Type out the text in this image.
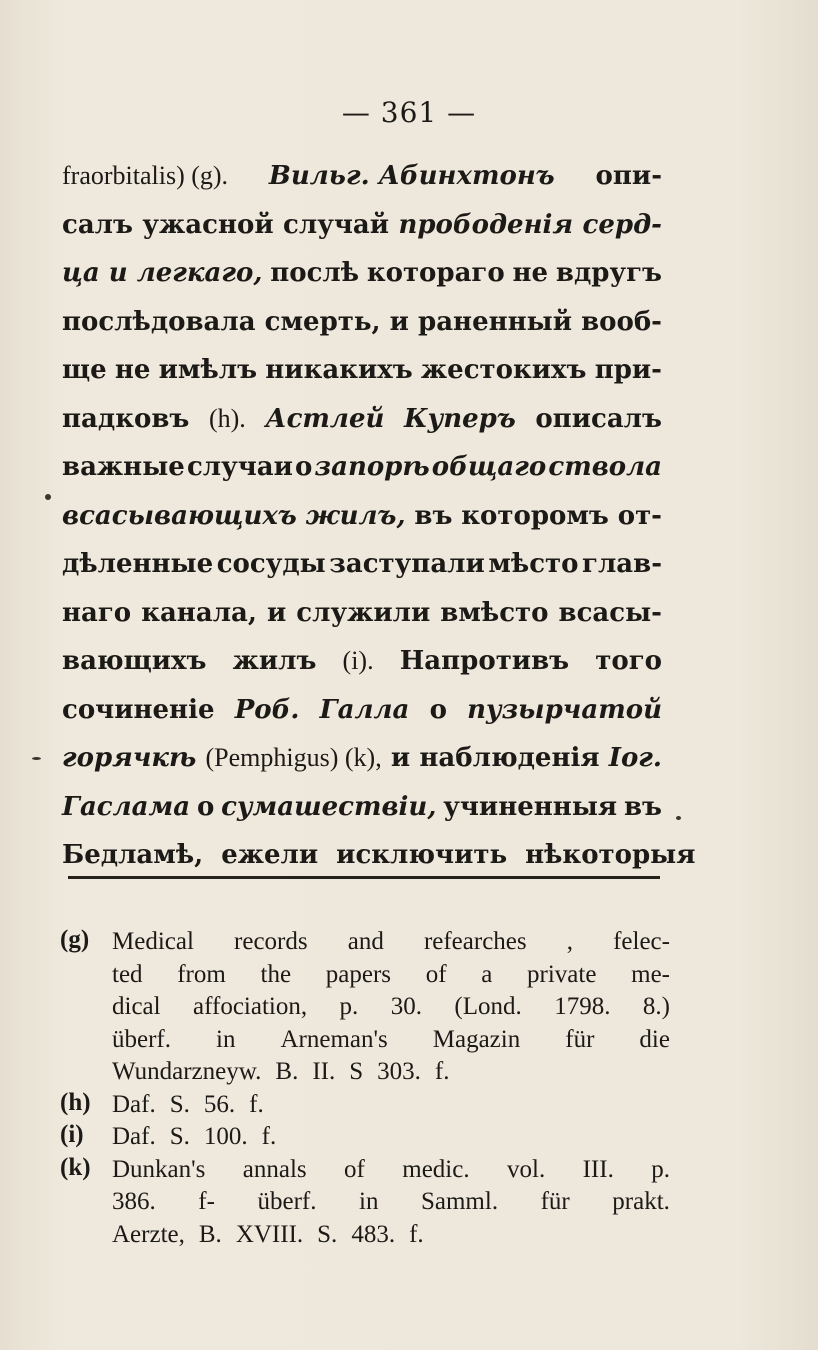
— 361 —
fraorbitalis) (g). Вильг. Абинхтонъ опи-
салъ ужасной случай прободенія серд-
ца и легкаго, послѣ котораго не вдругъ
послѣдовала смерть, и раненный вооб-
ще не имѣлъ никакихъ жестокихъ при-
падковъ (h). Астлей Куперъ описалъ
важные случаи о запорѣ общаго ствола
всасывающихъ жилъ, въ которомъ от-
дѣленные сосуды заступали мѣсто глав-
наго канала, и служили вмѣсто всасы-
вающихъ жилъ (i). Напротивъ того
сочиненіе Роб. Галла о пузырчатой
горячкѣ (Pemphigus) (k), и наблюденія Іог.
Гаслама о сумашествіи, учиненныя въ
Бедламѣ, ежели исключить нѣкоторыя
(g) Medical records and refearches , felec-
ted from the papers of a private me-
dical affociation, p. 30. (Lond. 1798. 8.)
überf. in Arneman's Magazin für die
Wundarzneyw. B. II. S 303. f.
(h) Daf. S. 56. f.
(i)	Daf. S. 100. f.
(k) Dunkan's annals of medic. vol. III. p.
386. f- überf. in Samml. für prakt.
Aerzte, B. XVIII. S. 483. f.
